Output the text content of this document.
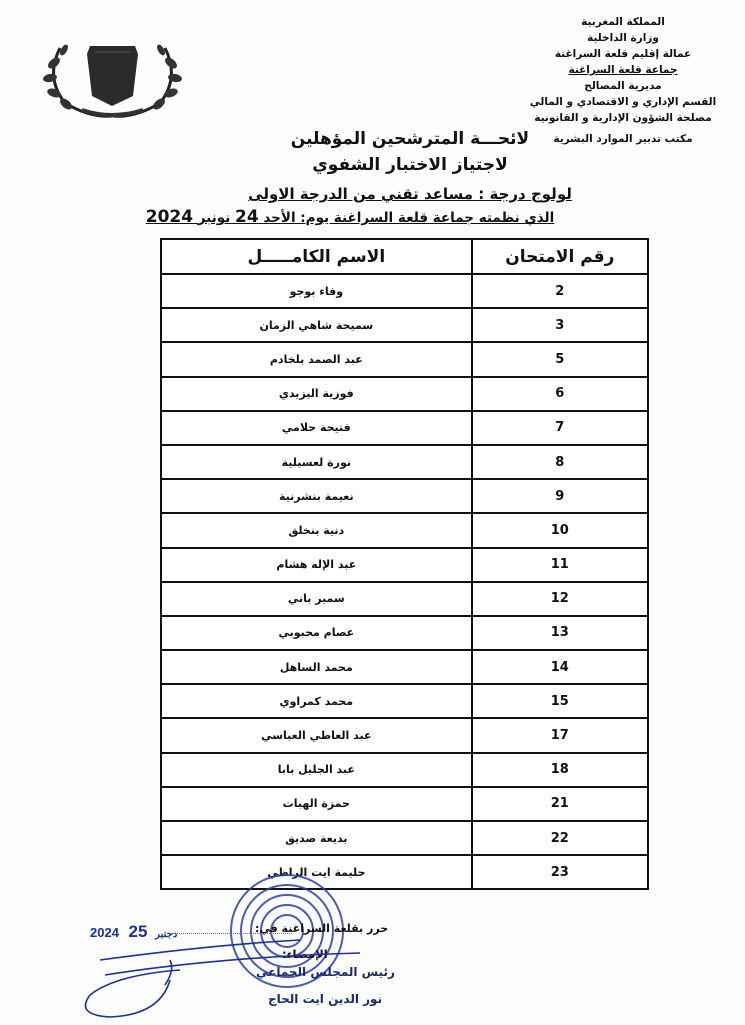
المملكة المغربية
وزارة الداخلية
عمالة إقليم قلعة السراغنة
جماعة قلعة السراغنة
مديرية المصالح
القسم الإداري و الاقتصادي و المالي
مصلحة الشؤون الإدارية و القانونية
مكتب تدبير الموارد البشرية
لائحـــة المترشحين المؤهلين
لاجتياز الاختبار الشفوي
لولوج درجة : مساعد تقني من الدرجة الاولى
الذي نظمته جماعة قلعة السراغنة يوم: الأحد 24 نونبر 2024
رقم الامتحان	الاسم الكامـــــل
2	وفاء بوجو
3	سميحة شاهي الزمان
5	عبد الصمد بلخادم
6	فوزية اليزيدي
7	فتيحة حلامي
8	نورة لعسيلية
9	نعيمة بنشرنية
10	دنية بنخلق
11	عبد الإله هشام
12	سمير باني
13	عصام محبوبي
14	محمد الساهل
15	محمد كمراوي
17	عبد العاطي العباسي
18	عبد الجليل بابا
21	حمزة الهبات
22	بديعة صديق
23	حليمة ايت الراظي
حرر بقلعة السراغنة في:
2024	دجنبر 25
الإمضاء:
رئيس المجلس الجماعي
نور الدين ايت الحاج
